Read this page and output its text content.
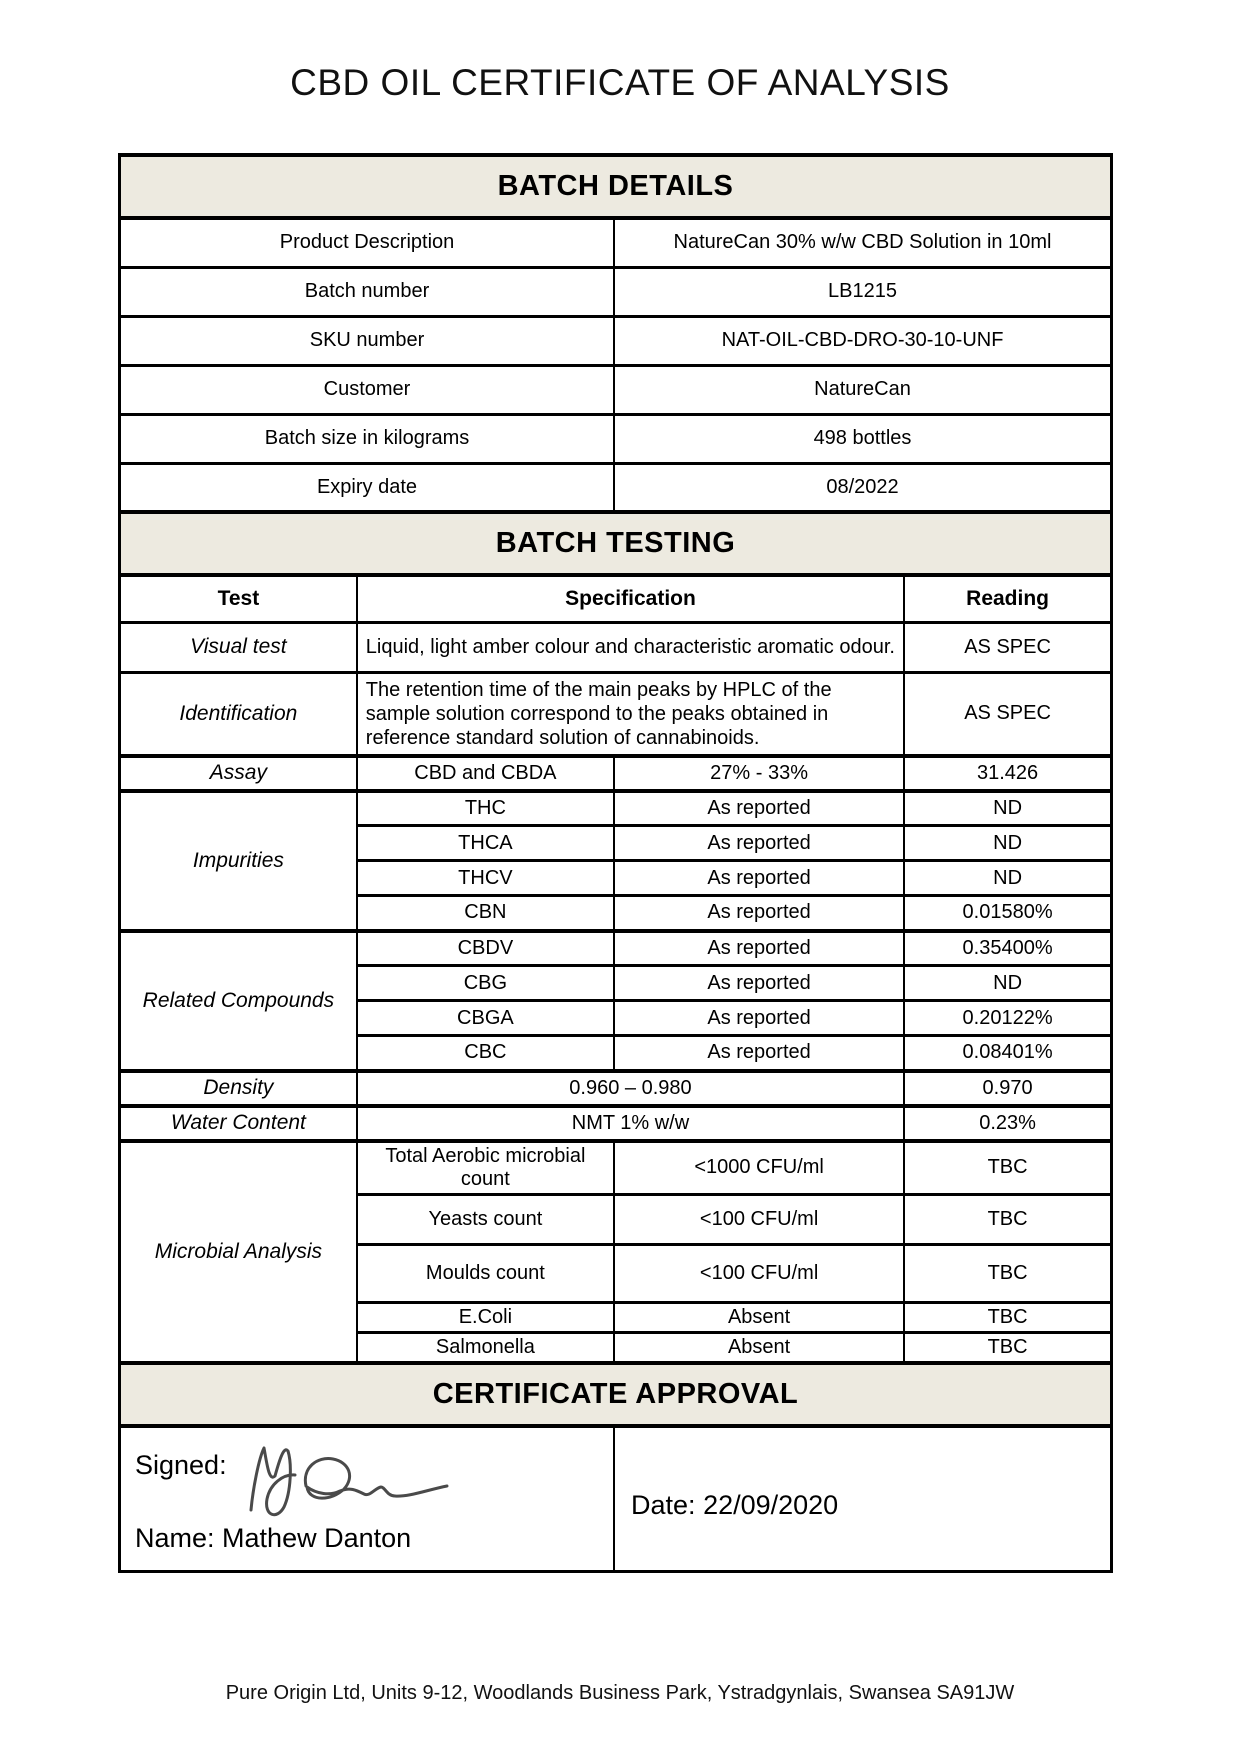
CBD OIL CERTIFICATE OF ANALYSIS
BATCH DETAILS			
Product Description		NatureCan 30% w/w CBD Solution in 10ml	
Batch number		LB1215	
SKU number		NAT-OIL-CBD-DRO-30-10-UNF	
Customer		NatureCan	
Batch size in kilograms		498 bottles	
Expiry date		08/2022	
BATCH TESTING			
Test	Specification		Reading
Visual test	Liquid, light amber colour and characteristic aromatic odour.		AS SPEC
Identification	The retention time of the main peaks by HPLC of the sample solution correspond to the peaks obtained in reference standard solution of cannabinoids.		AS SPEC
Assay	CBD and CBDA	27% - 33%	31.426
Impurities	THC	As reported	ND
	THCA	As reported	ND
	THCV	As reported	ND
	CBN	As reported	0.01580%
Related Compounds	CBDV	As reported	0.35400%
	CBG	As reported	ND
	CBGA	As reported	0.20122%
	CBC	As reported	0.08401%
Density	0.960 – 0.980		0.970
Water Content	NMT 1% w/w		0.23%
Microbial Analysis	Total Aerobic microbial count	<1000 CFU/ml	TBC
	Yeasts count	<100 CFU/ml	TBC
	Moulds count	<100 CFU/ml	TBC
	E.Coli	Absent	TBC
	Salmonella	Absent	TBC
CERTIFICATE APPROVAL			

Signed:
Name: Mathew Danton		Date: 22/09/2020	
Pure Origin Ltd, Units 9-12, Woodlands Business Park, Ystradgynlais, Swansea SA91JW
